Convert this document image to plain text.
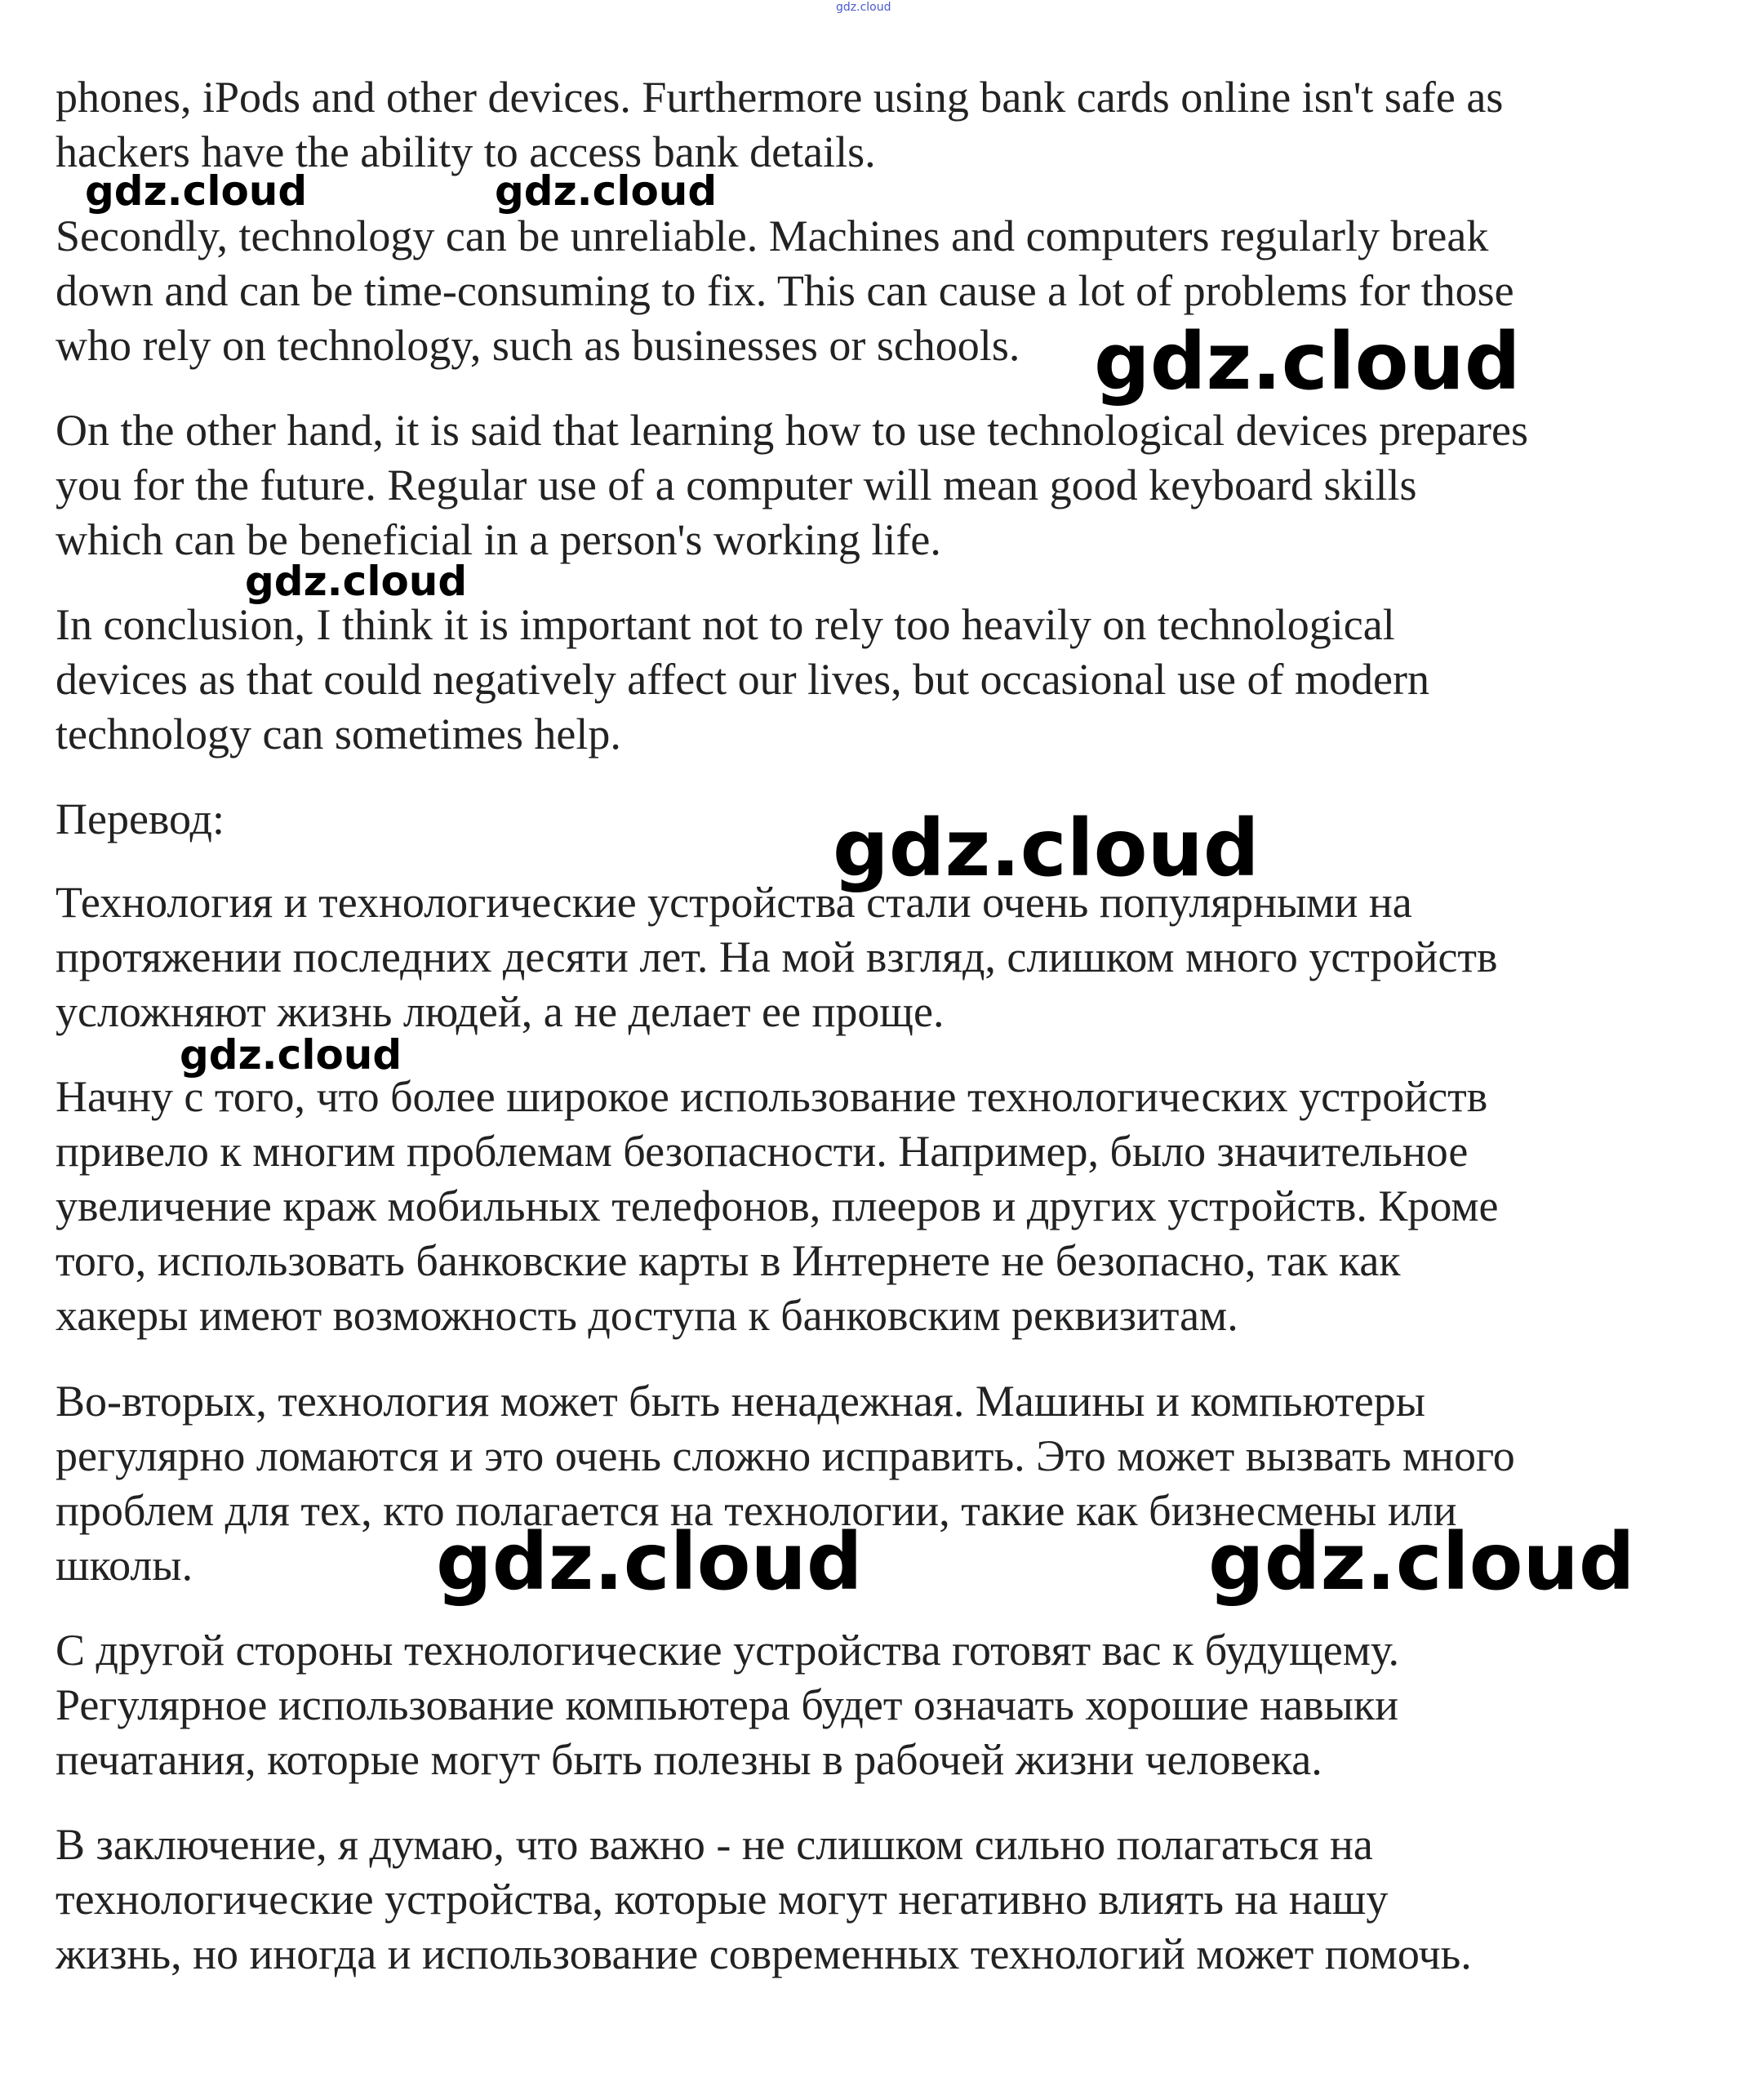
gdz.cloud

phones, iPods and other devices. Furthermore using bank cards online isn't safe as
hackers have the ability to access bank details.

Secondly, technology can be unreliable. Machines and computers regularly break
down and can be time-consuming to fix. This can cause a lot of problems for those
who rely on technology, such as businesses or schools.

On the other hand, it is said that learning how to use technological devices prepares
you for the future. Regular use of a computer will mean good keyboard skills
which can be beneficial in a person's working life.

In conclusion, I think it is important not to rely too heavily on technological
devices as that could negatively affect our lives, but occasional use of modern
technology can sometimes help.

Перевод:

Технология и технологические устройства стали очень популярными на
протяжении последних десяти лет. На мой взгляд, слишком много устройств
усложняют жизнь людей, а не делает ее проще.

Начну с того, что более широкое использование технологических устройств
привело к многим проблемам безопасности. Например, было значительное
увеличение краж мобильных телефонов, плееров и других устройств. Кроме
того, использовать банковские карты в Интернете не безопасно, так как
хакеры имеют возможность доступа к банковским реквизитам.

Во-вторых, технология может быть ненадежная. Машины и компьютеры
регулярно ломаются и это очень сложно исправить. Это может вызвать много
проблем для тех, кто полагается на технологии, такие как бизнесмены или
школы.

С другой стороны технологические устройства готовят вас к будущему.
Регулярное использование компьютера будет означать хорошие навыки
печатания, которые могут быть полезны в рабочей жизни человека.

В заключение, я думаю, что важно - не слишком сильно полагаться на
технологические устройства, которые могут негативно влиять на нашу
жизнь, но иногда и использование современных технологий может помочь.

gdz.cloud	gdz.cloud
gdz.cloud
gdz.cloud
gdz.cloud
gdz.cloud
gdz.cloud	gdz.cloud
